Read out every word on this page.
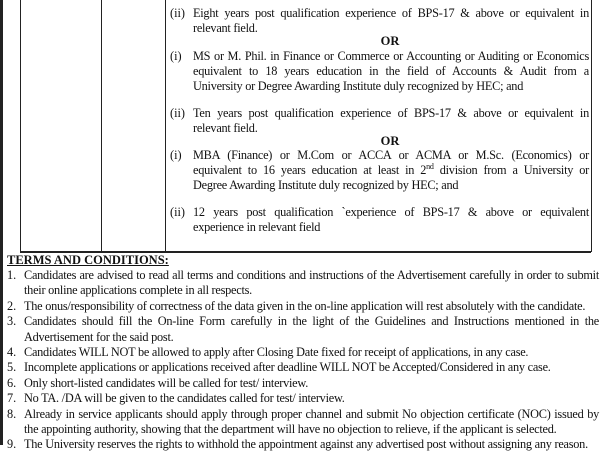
(ii) Eight years post qualification experience of BPS-17 & above or equivalent in
relevant field.
OR
(i) MS or M. Phil. in Finance or Commerce or Accounting or Auditing or Economics
equivalent to 18 years education in the field of Accounts & Audit from a
University or Degree Awarding Institute duly recognized by HEC; and
(ii) Ten years post qualification experience of BPS-17 & above or equivalent in
relevant field.
OR
(i) MBA (Finance) or M.Com or ACCA or ACMA or M.Sc. (Economics) or
equivalent to 16 years education at least in 2nd division from a University or
Degree Awarding Institute duly recognized by HEC; and
(ii) 12 years post qualification `experience of BPS-17 & above or equivalent
experience in relevant field
TERMS AND CONDITIONS:
1. Candidates are advised to read all terms and conditions and instructions of the Advertisement carefully in order to submit
their online applications complete in all respects.
2. The onus/responsibility of correctness of the data given in the on-line application will rest absolutely with the candidate.
3. Candidates should fill the On-line Form carefully in the light of the Guidelines and Instructions mentioned in the
Advertisement for the said post.
4. Candidates WILL NOT be allowed to apply after Closing Date fixed for receipt of applications, in any case.
5. Incomplete applications or applications received after deadline WILL NOT be Accepted/Considered in any case.
6. Only short-listed candidates will be called for test/ interview.
7. No TA. /DA will be given to the candidates called for test/ interview.
8. Already in service applicants should apply through proper channel and submit No objection certificate (NOC) issued by
the appointing authority, showing that the department will have no objection to relieve, if the applicant is selected.
9. The University reserves the rights to withhold the appointment against any advertised post without assigning any reason.
